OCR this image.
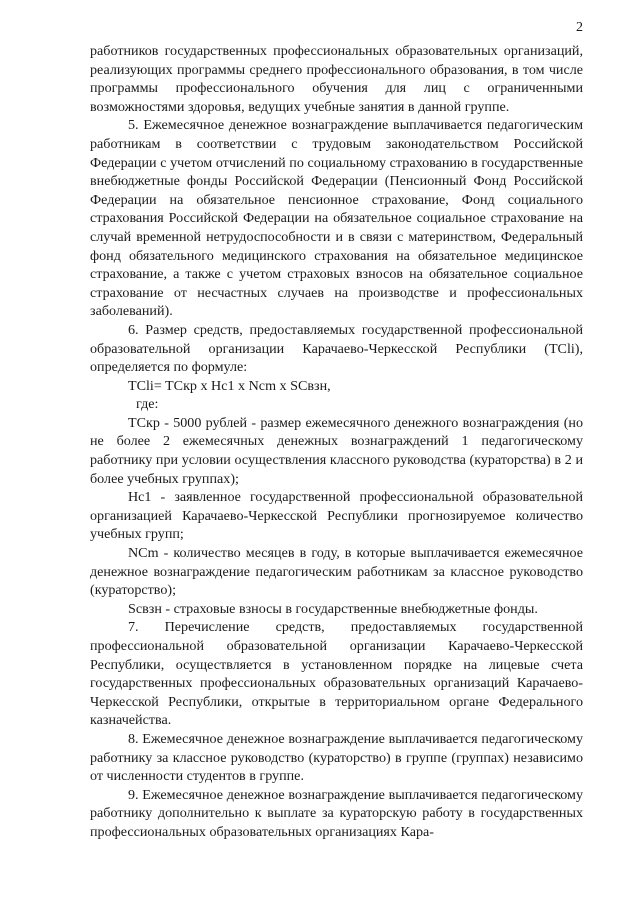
2

работников государственных профессиональных образовательных организаций, реализующих программы среднего профессионального образования, в том числе программы профессионального обучения для лиц с ограниченными возможностями здоровья, ведущих учебные занятия в данной группе.

5. Ежемесячное денежное вознаграждение выплачивается педагогическим работникам в соответствии с трудовым законодательством Российской Федерации с учетом отчислений по социальному страхованию в государственные внебюджетные фонды Российской Федерации (Пенсионный Фонд Российской Федерации на обязательное пенсионное страхование, Фонд социального страхования Российской Федерации на обязательное социальное страхование на случай временной нетрудоспособности и в связи с материнством, Федеральный фонд обязательного медицинского страхования на обязательное медицинское страхование, а также с учетом страховых взносов на обязательное социальное страхование от несчастных случаев на производстве и профессиональных заболеваний).

6. Размер средств, предоставляемых государственной профессиональной образовательной организации Карачаево-Черкесской Республики (TCli), определяется по формуле:

TCli= TCкр х Нс1 х Ncm х SCвзн,

где:

TCкр - 5000 рублей - размер ежемесячного денежного вознаграждения (но не более 2 ежемесячных денежных вознаграждений 1 педагогическому работнику при условии осуществления классного руководства (кураторства) в 2 и более учебных группах);

Нс1 - заявленное государственной профессиональной образовательной организацией Карачаево-Черкесской Республики прогнозируемое количество учебных групп;

NCm - количество месяцев в году, в которые выплачивается ежемесячное денежное вознаграждение педагогическим работникам за классное руководство (кураторство);

Scвзн - страховые взносы в государственные внебюджетные фонды.

7. Перечисление средств, предоставляемых государственной профессиональной образовательной организации Карачаево-Черкесской Республики, осуществляется в установленном порядке на лицевые счета государственных профессиональных образовательных организаций Карачаево-Черкесской Республики, открытые в территориальном органе Федерального казначейства.

8. Ежемесячное денежное вознаграждение выплачивается педагогическому работнику за классное руководство (кураторство) в группе (группах) независимо от численности студентов в группе.

9. Ежемесячное денежное вознаграждение выплачивается педагогическому работнику дополнительно к выплате за кураторскую работу в государственных профессиональных образовательных организациях Кара-
